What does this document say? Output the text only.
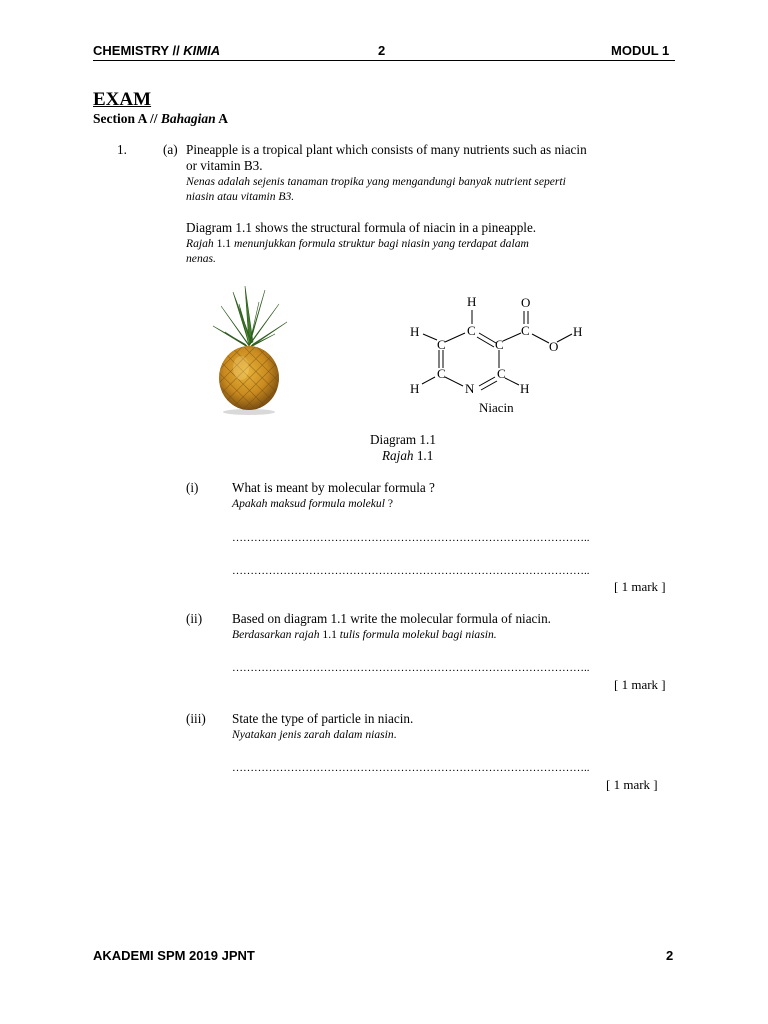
CHEMISTRY // KIMIA	2	MODUL 1
EXAM
Section A // Bahagian A
1.	(a) Pineapple is a tropical plant which consists of many nutrients such as niacin
or vitamin B3.
Nenas adalah sejenis tanaman tropika yang mengandungi banyak nutrient seperti
niasin atau vitamin B3.
Diagram 1.1 shows the structural formula of niacin in a pineapple.
Rajah 1.1 menunjukkan formula struktur bagi niasin yang terdapat dalam
nenas.
H	O
H	C	C	H
C	C	O
C	C
H	N	H
Niacin
Diagram 1.1
Rajah 1.1
(i)	What is meant by molecular formula ?
Apakah maksud formula molekul ?
……………………………………………………………………………………..
……………………………………………………………………………………..
[ 1 mark ]
(ii) Based on diagram 1.1 write the molecular formula of niacin.
Berdasarkan rajah 1.1 tulis formula molekul bagi niasin.
……………………………………………………………………………………..
[ 1 mark ]
(iii) State the type of particle in niacin.
Nyatakan jenis zarah dalam niasin.
……………………………………………………………………………………..
[ 1 mark ]
AKADEMI SPM 2019 JPNT	2
